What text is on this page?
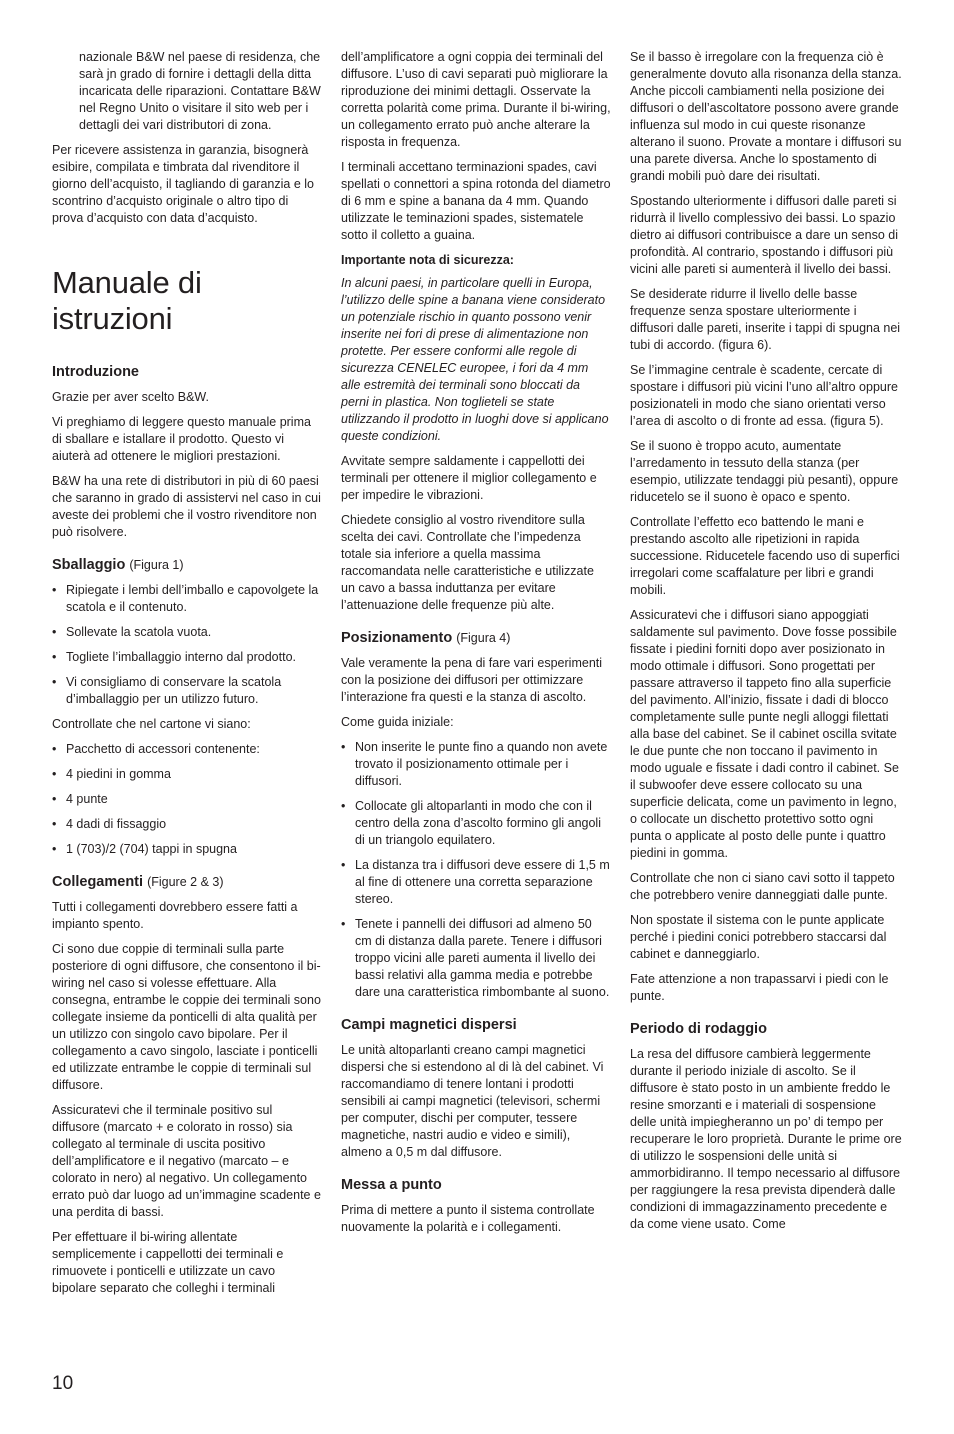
nazionale B&W nel paese di residenza, che sarà jn grado di fornire i dettagli della ditta incaricata delle riparazioni. Contattare B&W nel Regno Unito o visitare il sito web per i dettagli dei vari distributori di zona.

Per ricevere assistenza in garanzia, bisognerà esibire, compilata e timbrata dal rivenditore il giorno dell’acquisto, il tagliando di garanzia e lo scontrino d’acquisto originale o altro tipo di prova d’acquisto con data d’acquisto.

Manuale di istruzioni
Introduzione

Grazie per aver scelto B&W.

Vi preghiamo di leggere questo manuale prima di sballare e istallare il prodotto. Questo vi aiuterà ad ottenere le migliori prestazioni.

B&W ha una rete di distributori in più di 60 paesi che saranno in grado di assistervi nel caso in cui aveste dei problemi che il vostro rivenditore non può risolvere.

Sballaggio (Figura 1)
• Ripiegate i lembi dell’imballo e capovolgete la scatola e il contenuto.
• Sollevate la scatola vuota.
• Togliete l’imballaggio interno dal prodotto.
• Vi consigliamo di conservare la scatola d’imballaggio per un utilizzo futuro.

Controllate che nel cartone vi siano:

• Pacchetto di accessori contenente:
• 4 piedini in gomma
• 4 punte
• 4 dadi di fissaggio
• 1 (703)/2 (704) tappi in spugna
Collegamenti (Figure 2 & 3)

Tutti i collegamenti dovrebbero essere fatti a impianto spento.

Ci sono due coppie di terminali sulla parte posteriore di ogni diffusore, che consentono il bi-wiring nel caso si volesse effettuare. Alla consegna, entrambe le coppie dei terminali sono collegate insieme da ponticelli di alta qualità per un utilizzo con singolo cavo bipolare. Per il collegamento a cavo singolo, lasciate i ponticelli ed utilizzate entrambe le coppie di terminali sul diffusore.

Assicuratevi che il terminale positivo sul diffusore (marcato + e colorato in rosso) sia collegato al terminale di uscita positivo dell’amplificatore e il negativo (marcato – e colorato in nero) al negativo. Un collegamento errato può dar luogo ad un’immagine scadente e una perdita di bassi.

Per effettuare il bi-wiring allentate semplicemente i cappellotti dei terminali e rimuovete i ponticelli e utilizzate un cavo bipolare separato che colleghi i terminali

dell’amplificatore a ogni coppia dei terminali del diffusore. L’uso di cavi separati può migliorare la riproduzione dei minimi dettagli. Osservate la corretta polarità come prima. Durante il bi-wiring, un collegamento errato può anche alterare la risposta in frequenza.

I terminali accettano terminazioni spades, cavi spellati o connettori a spina rotonda del diametro di 6 mm e spine a banana da 4 mm. Quando utilizzate le teminazioni spades, sistematele sotto il colletto a guaina.

Importante nota di sicurezza:

In alcuni paesi, in particolare quelli in Europa, l’utilizzo delle spine a banana viene considerato un potenziale rischio in quanto possono venir inserite nei fori di prese di alimentazione non protette. Per essere conformi alle regole di sicurezza CENELEC europee, i fori da 4 mm alle estremità dei terminali sono bloccati da perni in plastica. Non toglieteli se state utilizzando il prodotto in luoghi dove si applicano queste condizioni.

Avvitate sempre saldamente i cappellotti dei terminali per ottenere il miglior collegamento e per impedire le vibrazioni.

Chiedete consiglio al vostro rivenditore sulla scelta dei cavi. Controllate che l’impedenza totale sia inferiore a quella massima raccomandata nelle caratteristiche e utilizzate un cavo a bassa induttanza per evitare l’attenuazione delle frequenze più alte.

Posizionamento (Figura 4)

Vale veramente la pena di fare vari esperimenti con la posizione dei diffusori per ottimizzare l’interazione fra questi e la stanza di ascolto.

Come guida iniziale:

• Non inserite le punte fino a quando non avete trovato il posizionamento ottimale per i diffusori.
• Collocate gli altoparlanti in modo che con il centro della zona d’ascolto formino gli angoli di un triangolo equilatero.
• La distanza tra i diffusori deve essere di 1,5 m al fine di ottenere una corretta separazione stereo.
• Tenete i pannelli dei diffusori ad almeno 50 cm di distanza dalla parete. Tenere i diffusori troppo vicini alle pareti aumenta il livello dei bassi relativi alla gamma media e potrebbe dare una caratteristica rimbombante al suono.
Campi magnetici dispersi

Le unità altoparlanti creano campi magnetici dispersi che si estendono al di là del cabinet. Vi raccomandiamo di tenere lontani i prodotti sensibili ai campi magnetici (televisori, schermi per computer, dischi per computer, tessere magnetiche, nastri audio e video e simili), almeno a 0,5 m dal diffusore.

Messa a punto

Prima di mettere a punto il sistema controllate nuovamente la polarità e i collegamenti.

Se il basso è irregolare con la frequenza ciò è generalmente dovuto alla risonanza della stanza. Anche piccoli cambiamenti nella posizione dei diffusori o dell’ascoltatore possono avere grande influenza sul modo in cui queste risonanze alterano il suono. Provate a montare i diffusori su una parete diversa. Anche lo spostamento di grandi mobili può dare dei risultati.

Spostando ulteriormente i diffusori dalle pareti si ridurrà il livello complessivo dei bassi. Lo spazio dietro ai diffusori contribuisce a dare un senso di profondità. Al contrario, spostando i diffusori più vicini alle pareti si aumenterà il livello dei bassi.

Se desiderate ridurre il livello delle basse frequenze senza spostare ulteriormente i diffusori dalle pareti, inserite i tappi di spugna nei tubi di accordo. (figura 6).

Se l’immagine centrale è scadente, cercate di spostare i diffusori più vicini l’uno all’altro oppure posizionateli in modo che siano orientati verso l’area di ascolto o di fronte ad essa. (figura 5).

Se il suono è troppo acuto, aumentate l’arredamento in tessuto della stanza (per esempio, utilizzate tendaggi più pesanti), oppure riducetelo se il suono è opaco e spento.

Controllate l’effetto eco battendo le mani e prestando ascolto alle ripetizioni in rapida successione. Riducetele facendo uso di superfici irregolari come scaffalature per libri e grandi mobili.

Assicuratevi che i diffusori siano appoggiati saldamente sul pavimento. Dove fosse possibile fissate i piedini forniti dopo aver posizionato in modo ottimale i diffusori. Sono progettati per passare attraverso il tappeto fino alla superficie del pavimento. All’inizio, fissate i dadi di blocco completamente sulle punte negli alloggi filettati alla base del cabinet. Se il cabinet oscilla svitate le due punte che non toccano il pavimento in modo uguale e fissate i dadi contro il cabinet. Se il subwoofer deve essere collocato su una superficie delicata, come un pavimento in legno, o collocate un dischetto protettivo sotto ogni punta o applicate al posto delle punte i quattro piedini in gomma.

Controllate che non ci siano cavi sotto il tappeto che potrebbero venire danneggiati dalle punte.

Non spostate il sistema con le punte applicate perché i piedini conici potrebbero staccarsi dal cabinet e danneggiarlo.

Fate attenzione a non trapassarvi i piedi con le punte.

Periodo di rodaggio

La resa del diffusore cambierà leggermente durante il periodo iniziale di ascolto. Se il diffusore è stato posto in un ambiente freddo le resine smorzanti e i materiali di sospensione delle unità impiegheranno un po’ di tempo per recuperare le loro proprietà. Durante le prime ore di utilizzo le sospensioni delle unità si ammorbidiranno. Il tempo necessario al diffusore per raggiungere la resa prevista dipenderà dalle condizioni di immagazzinamento precedente e da come viene usato. Come

10
